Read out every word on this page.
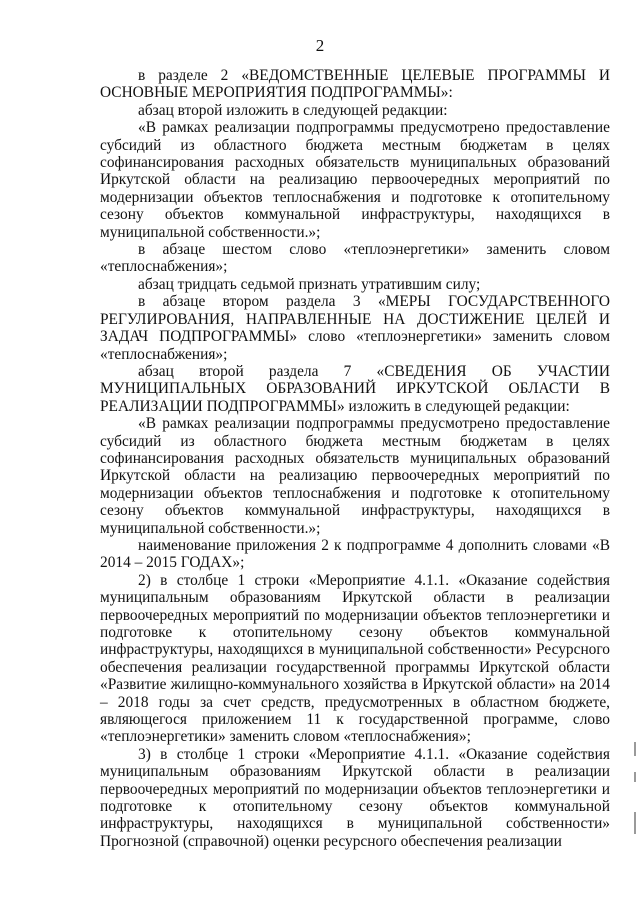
2

в разделе 2 «ВЕДОМСТВЕННЫЕ ЦЕЛЕВЫЕ ПРОГРАММЫ И ОСНОВНЫЕ МЕРОПРИЯТИЯ ПОДПРОГРАММЫ»:

абзац второй изложить в следующей редакции:

«В рамках реализации подпрограммы предусмотрено предоставление субсидий из областного бюджета местным бюджетам в целях софинансирования расходных обязательств муниципальных образований Иркутской области на реализацию первоочередных мероприятий по модернизации объектов теплоснабжения и подготовке к отопительному сезону объектов коммунальной инфраструктуры, находящихся в муниципальной собственности.»;

в абзаце шестом слово «теплоэнергетики» заменить словом «теплоснабжения»;

абзац тридцать седьмой признать утратившим силу;

в абзаце втором раздела 3 «МЕРЫ ГОСУДАРСТВЕННОГО РЕГУЛИРОВАНИЯ, НАПРАВЛЕННЫЕ НА ДОСТИЖЕНИЕ ЦЕЛЕЙ И ЗАДАЧ ПОДПРОГРАММЫ» слово «теплоэнергетики» заменить словом «теплоснабжения»;

абзац второй раздела 7 «СВЕДЕНИЯ ОБ УЧАСТИИ МУНИЦИПАЛЬНЫХ ОБРАЗОВАНИЙ ИРКУТСКОЙ ОБЛАСТИ В РЕАЛИЗАЦИИ ПОДПРОГРАММЫ» изложить в следующей редакции:

«В рамках реализации подпрограммы предусмотрено предоставление субсидий из областного бюджета местным бюджетам в целях софинансирования расходных обязательств муниципальных образований Иркутской области на реализацию первоочередных мероприятий по модернизации объектов теплоснабжения и подготовке к отопительному сезону объектов коммунальной инфраструктуры, находящихся в муниципальной собственности.»;

наименование приложения 2 к подпрограмме 4 дополнить словами «В 2014 – 2015 ГОДАХ»;

2) в столбце 1 строки «Мероприятие 4.1.1. «Оказание содействия муниципальным образованиям Иркутской области в реализации первоочередных мероприятий по модернизации объектов теплоэнергетики и подготовке к отопительному сезону объектов коммунальной инфраструктуры, находящихся в муниципальной собственности» Ресурсного обеспечения реализации государственной программы Иркутской области «Развитие жилищно-коммунального хозяйства в Иркутской области» на 2014 – 2018 годы за счет средств, предусмотренных в областном бюджете, являющегося приложением 11 к государственной программе, слово «теплоэнергетики» заменить словом «теплоснабжения»;

3) в столбце 1 строки «Мероприятие 4.1.1. «Оказание содействия муниципальным образованиям Иркутской области в реализации первоочередных мероприятий по модернизации объектов теплоэнергетики и подготовке к отопительному сезону объектов коммунальной инфраструктуры, находящихся в муниципальной собственности» Прогнозной (справочной) оценки ресурсного обеспечения реализации
